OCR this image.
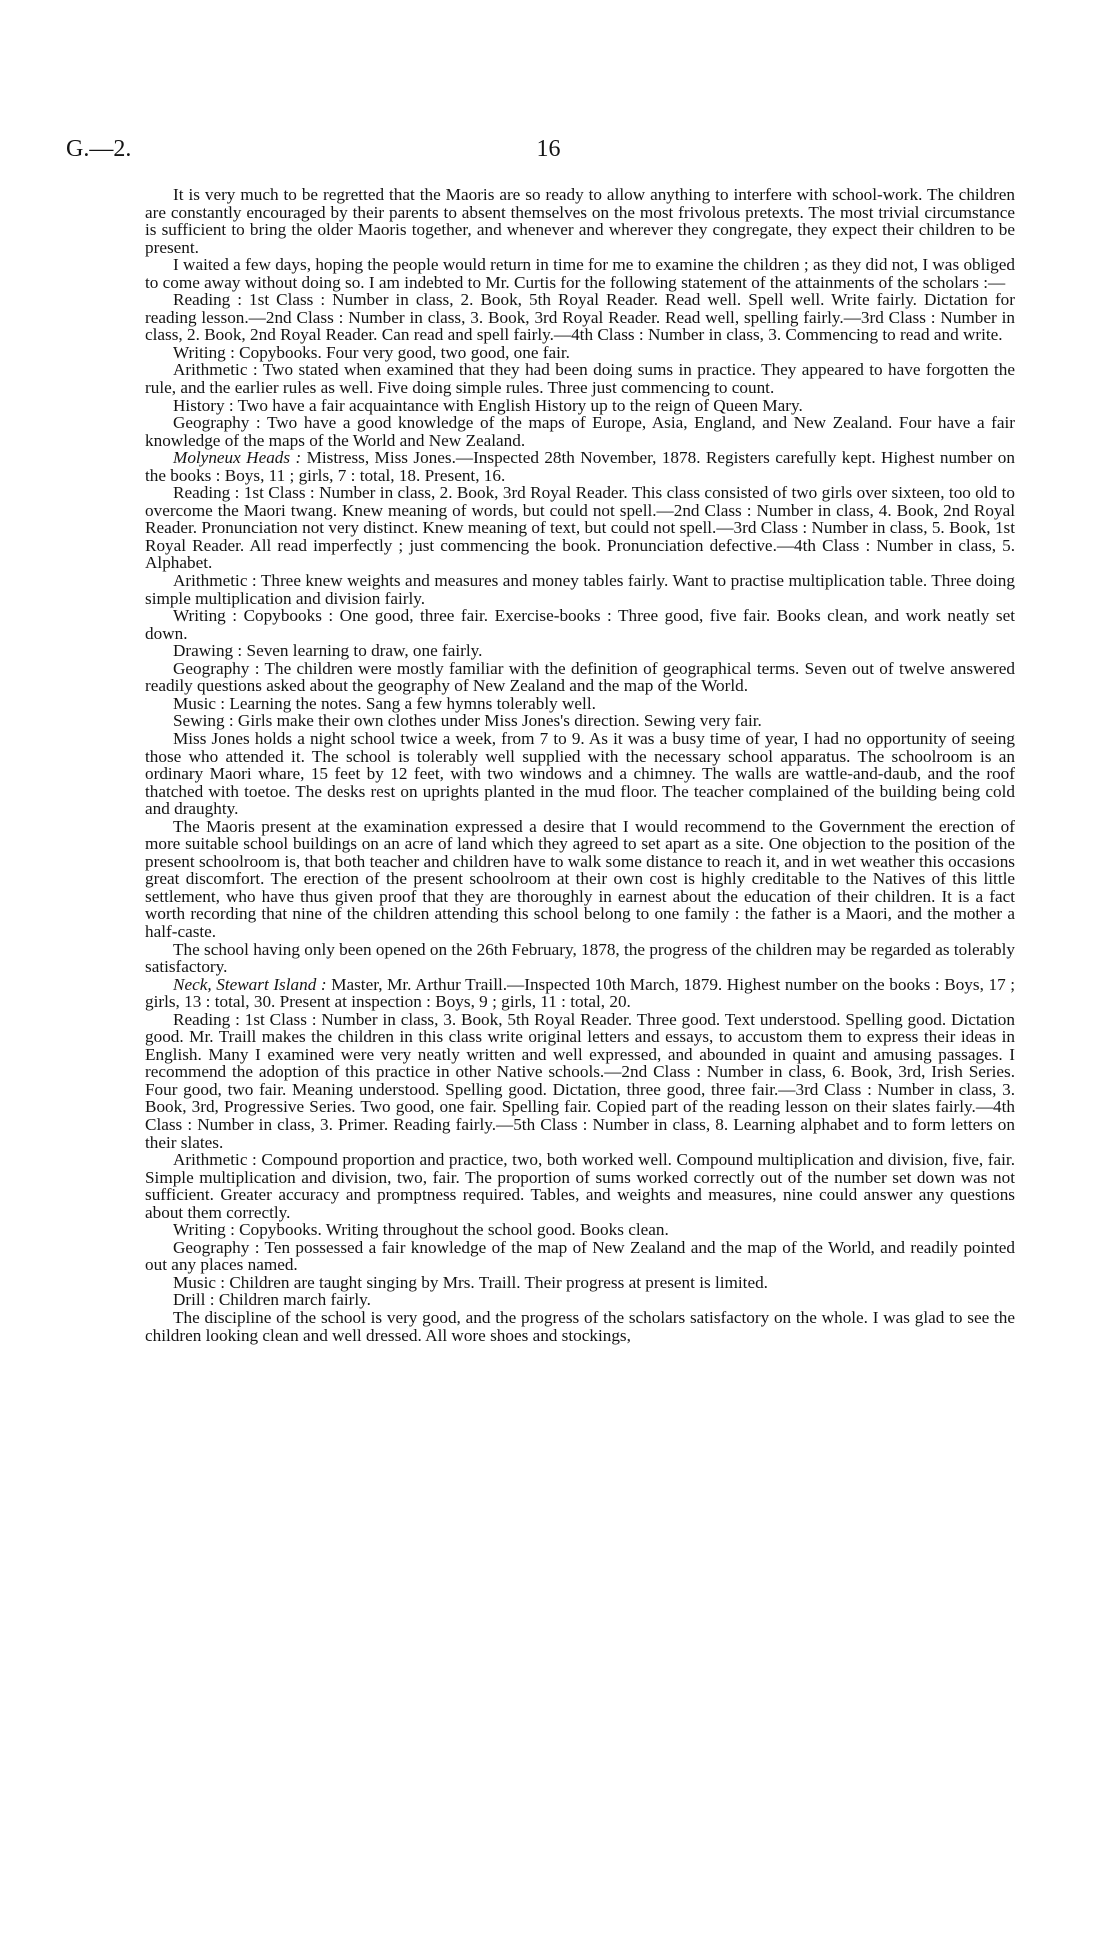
G.—2.	16

It is very much to be regretted that the Maoris are so ready to allow anything to interfere with school-work. The children are constantly encouraged by their parents to absent themselves on the most frivolous pretexts. The most trivial circumstance is sufficient to bring the older Maoris together, and whenever and wherever they congregate, they expect their children to be present.

I waited a few days, hoping the people would return in time for me to examine the children ; as they did not, I was obliged to come away without doing so. I am indebted to Mr. Curtis for the following statement of the attainments of the scholars :—

Reading : 1st Class : Number in class, 2. Book, 5th Royal Reader. Read well. Spell well. Write fairly. Dictation for reading lesson.—2nd Class : Number in class, 3. Book, 3rd Royal Reader. Read well, spelling fairly.—3rd Class : Number in class, 2. Book, 2nd Royal Reader. Can read and spell fairly.—4th Class : Number in class, 3. Commencing to read and write.

Writing : Copybooks. Four very good, two good, one fair.

Arithmetic : Two stated when examined that they had been doing sums in practice. They appeared to have forgotten the rule, and the earlier rules as well. Five doing simple rules. Three just commencing to count.

History : Two have a fair acquaintance with English History up to the reign of Queen Mary.

Geography : Two have a good knowledge of the maps of Europe, Asia, England, and New Zealand. Four have a fair knowledge of the maps of the World and New Zealand.

Molyneux Heads : Mistress, Miss Jones.—Inspected 28th November, 1878. Registers carefully kept. Highest number on the books : Boys, 11 ; girls, 7 : total, 18. Present, 16.

Reading : 1st Class : Number in class, 2. Book, 3rd Royal Reader. This class consisted of two girls over sixteen, too old to overcome the Maori twang. Knew meaning of words, but could not spell.—2nd Class : Number in class, 4. Book, 2nd Royal Reader. Pronunciation not very distinct. Knew meaning of text, but could not spell.—3rd Class : Number in class, 5. Book, 1st Royal Reader. All read imperfectly ; just commencing the book. Pronunciation defective.—4th Class : Number in class, 5. Alphabet.

Arithmetic : Three knew weights and measures and money tables fairly. Want to practise multiplication table. Three doing simple multiplication and division fairly.

Writing : Copybooks : One good, three fair. Exercise-books : Three good, five fair. Books clean, and work neatly set down.

Drawing : Seven learning to draw, one fairly.

Geography : The children were mostly familiar with the definition of geographical terms. Seven out of twelve answered readily questions asked about the geography of New Zealand and the map of the World.

Music : Learning the notes. Sang a few hymns tolerably well.

Sewing : Girls make their own clothes under Miss Jones's direction. Sewing very fair.

Miss Jones holds a night school twice a week, from 7 to 9. As it was a busy time of year, I had no opportunity of seeing those who attended it. The school is tolerably well supplied with the necessary school apparatus. The schoolroom is an ordinary Maori whare, 15 feet by 12 feet, with two windows and a chimney. The walls are wattle-and-daub, and the roof thatched with toetoe. The desks rest on uprights planted in the mud floor. The teacher complained of the building being cold and draughty.

The Maoris present at the examination expressed a desire that I would recommend to the Government the erection of more suitable school buildings on an acre of land which they agreed to set apart as a site. One objection to the position of the present schoolroom is, that both teacher and children have to walk some distance to reach it, and in wet weather this occasions great discomfort. The erection of the present schoolroom at their own cost is highly creditable to the Natives of this little settlement, who have thus given proof that they are thoroughly in earnest about the education of their children. It is a fact worth recording that nine of the children attending this school belong to one family : the father is a Maori, and the mother a half-caste.

The school having only been opened on the 26th February, 1878, the progress of the children may be regarded as tolerably satisfactory.

Neck, Stewart Island : Master, Mr. Arthur Traill.—Inspected 10th March, 1879. Highest number on the books : Boys, 17 ; girls, 13 : total, 30. Present at inspection : Boys, 9 ; girls, 11 : total, 20.

Reading : 1st Class : Number in class, 3. Book, 5th Royal Reader. Three good. Text understood. Spelling good. Dictation good. Mr. Traill makes the children in this class write original letters and essays, to accustom them to express their ideas in English. Many I examined were very neatly written and well expressed, and abounded in quaint and amusing passages. I recommend the adoption of this practice in other Native schools.—2nd Class : Number in class, 6. Book, 3rd, Irish Series. Four good, two fair. Meaning understood. Spelling good. Dictation, three good, three fair.—3rd Class : Number in class, 3. Book, 3rd, Progressive Series. Two good, one fair. Spelling fair. Copied part of the reading lesson on their slates fairly.—4th Class : Number in class, 3. Primer. Reading fairly.—5th Class : Number in class, 8. Learning alphabet and to form letters on their slates.

Arithmetic : Compound proportion and practice, two, both worked well. Compound multiplication and division, five, fair. Simple multiplication and division, two, fair. The proportion of sums worked correctly out of the number set down was not sufficient. Greater accuracy and promptness required. Tables, and weights and measures, nine could answer any questions about them correctly.

Writing : Copybooks. Writing throughout the school good. Books clean.

Geography : Ten possessed a fair knowledge of the map of New Zealand and the map of the World, and readily pointed out any places named.

Music : Children are taught singing by Mrs. Traill. Their progress at present is limited.

Drill : Children march fairly.

The discipline of the school is very good, and the progress of the scholars satisfactory on the whole. I was glad to see the children looking clean and well dressed. All wore shoes and stockings,
